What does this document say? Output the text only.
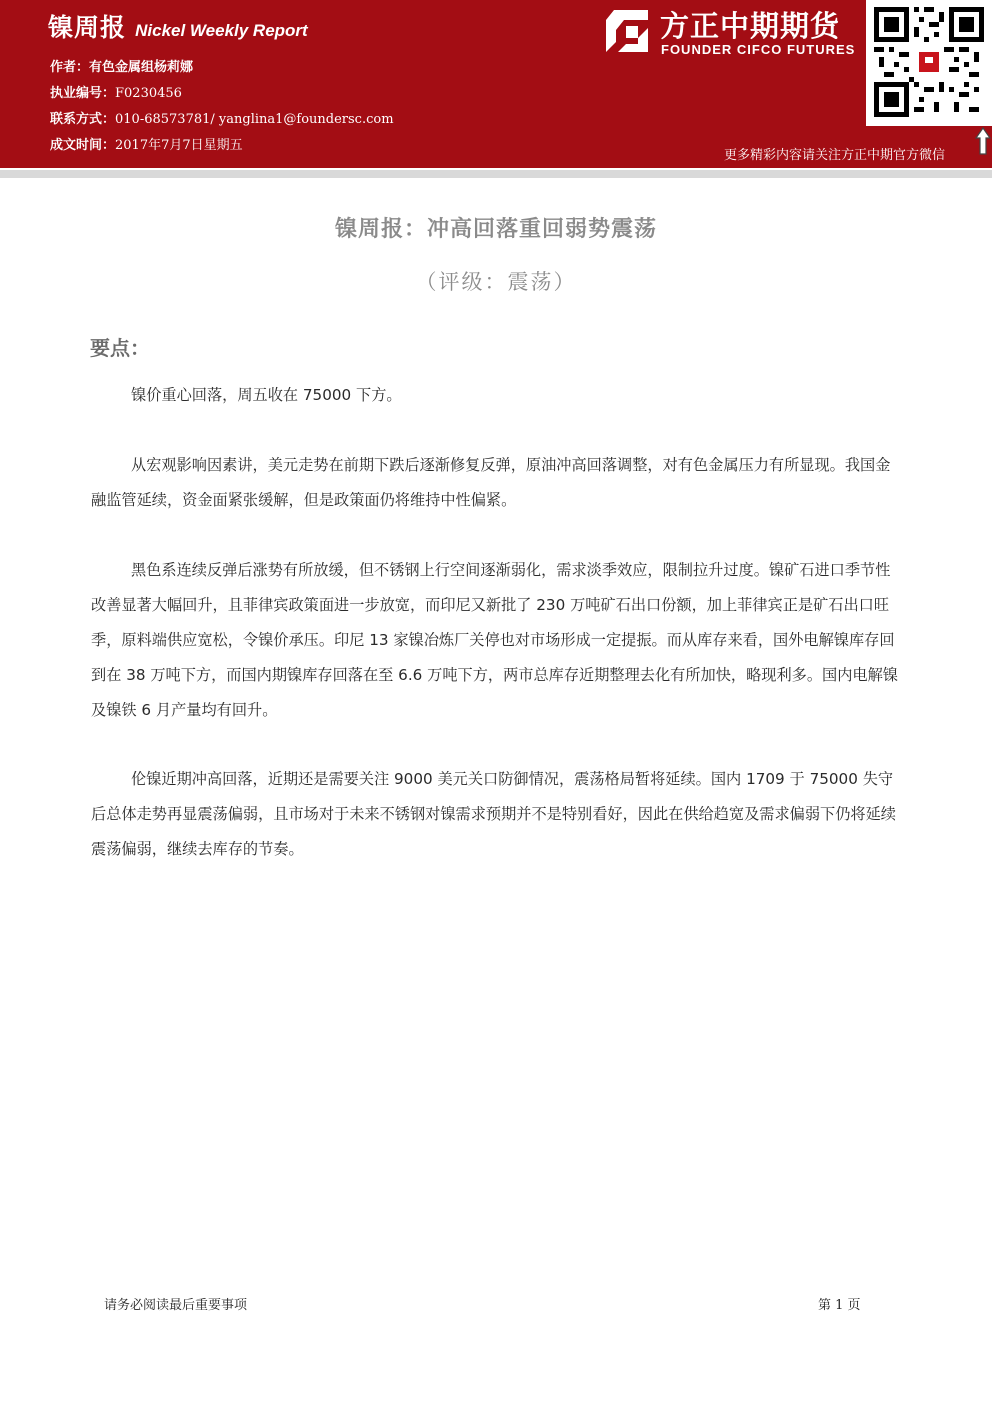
镍周报 Nickel Weekly Report
作者：有色金属组杨莉娜
执业编号：F0230456
联系方式：010-68573781/ yanglina1@foundersc.com
成文时间：2017年7月7日星期五
方正中期期货
FOUNDER CIFCO FUTURES
更多精彩内容请关注方正中期官方微信
镍周报：冲高回落重回弱势震荡
（评级：震荡）
要点：

镍价重心回落，周五收在 75000 下方。

从宏观影响因素讲，美元走势在前期下跌后逐渐修复反弹，原油冲高回落调整，对有色金属压力有所显现。我国金融监管延续，资金面紧张缓解，但是政策面仍将维持中性偏紧。

黑色系连续反弹后涨势有所放缓，但不锈钢上行空间逐渐弱化，需求淡季效应，限制拉升过度。镍矿石进口季节性改善显著大幅回升，且菲律宾政策面进一步放宽，而印尼又新批了 230 万吨矿石出口份额，加上菲律宾正是矿石出口旺季，原料端供应宽松，令镍价承压。印尼 13 家镍冶炼厂关停也对市场形成一定提振。而从库存来看，国外电解镍库存回到在 38 万吨下方，而国内期镍库存回落在至 6.6 万吨下方，两市总库存近期整理去化有所加快，略现利多。国内电解镍及镍铁 6 月产量均有回升。

伦镍近期冲高回落，近期还是需要关注 9000 美元关口防御情况，震荡格局暂将延续。国内 1709 于 75000 失守后总体走势再显震荡偏弱，且市场对于未来不锈钢对镍需求预期并不是特别看好，因此在供给趋宽及需求偏弱下仍将延续震荡偏弱，继续去库存的节奏。

请务必阅读最后重要事项	第 1 页
